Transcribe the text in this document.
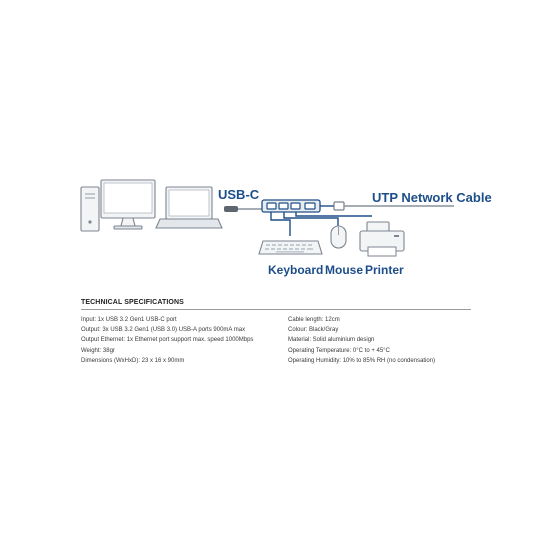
USB-C	UTP Network Cable
Keyboard Mouse Printer
TECHNICAL SPECIFICATIONS
Input: 1x USB 3.2 Gen1 USB-C port
Output: 3x USB 3.2 Gen1 (USB 3.0) USB-A ports 900mA max
Output Ethernet: 1x Ethernet port support max. speed 1000Mbps
Weight: 38gr
Dimensions (WxHxD): 23 x 16 x 90mm
Cable length: 12cm
Colour: Black/Gray
Material: Solid aluminium design
Operating Temperature: 0°C to + 45°C
Operating Humidity: 10% to 85% RH (no condensation)
